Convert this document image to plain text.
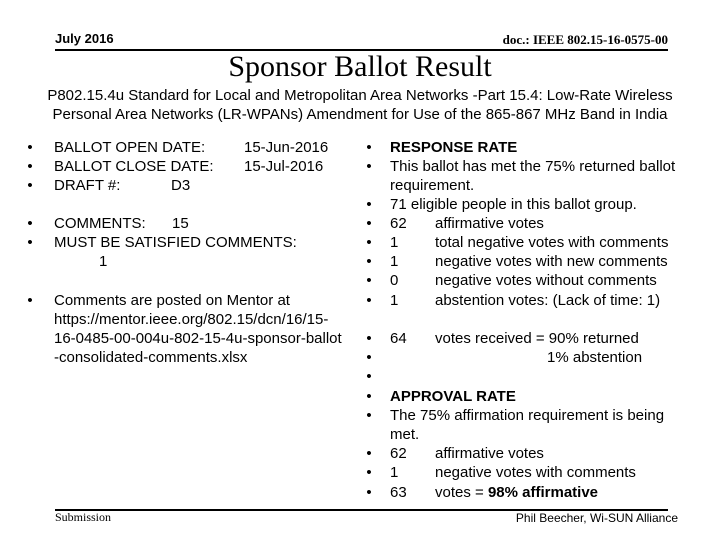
July 2016	doc.: IEEE 802.15-16-0575-00
Sponsor Ballot Result
P802.15.4u Standard for Local and Metropolitan Area Networks -Part 15.4: Low-Rate Wireless
Personal Area Networks (LR-WPANs) Amendment for Use of the 865-867 MHz Band in India
• BALLOT OPEN DATE:	15-Jun-2016
• BALLOT CLOSE DATE: 15-Jul-2016
• DRAFT #:	D3
• COMMENTS: 15
• MUST BE SATISFIED COMMENTS:
1
• Comments are posted on Mentor at
https://mentor.ieee.org/802.15/dcn/16/15-
16-0485-00-004u-802-15-4u-sponsor-ballot
-consolidated-comments.xlsx
•
•
•
•
•
•
•
•
•
•
•
•
•
•
•
•
RESPONSE RATE
This ballot has met the 75% returned ballot
requirement.
71 eligible people in this ballot group.
62 affirmative votes
1 total negative votes with comments
1 negative votes with new comments
0 negative votes without comments
1 abstention votes: (Lack of time: 1)
64 votes received = 90% returned
1% abstention
APPROVAL RATE
The 75% affirmation requirement is being
met.
62 affirmative votes
1 negative votes with comments
63 votes = 98% affirmative
Submission	Phil Beecher, Wi-SUN Alliance
